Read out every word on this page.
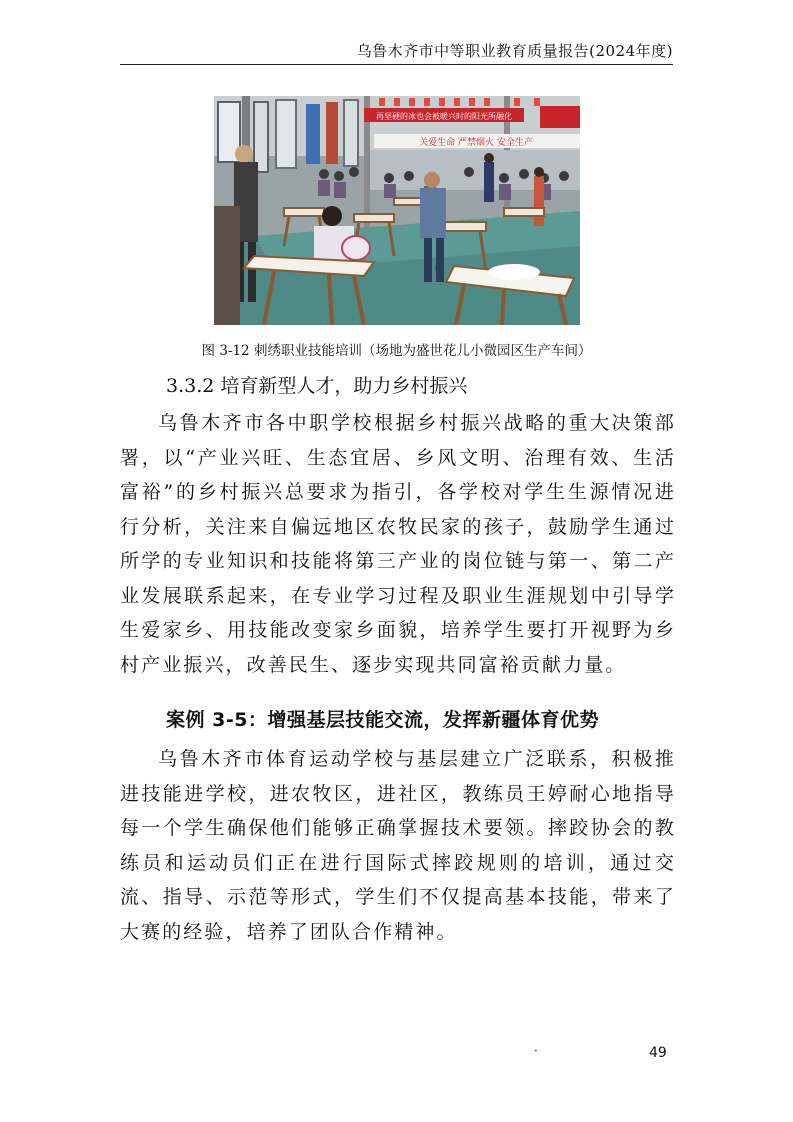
乌鲁木齐市中等职业教育质量报告(2024年度)
再坚硬的冰也会被暖兴时的阳光所融化
关爱生命 严禁烟火 安全生产
图 3-12 刺绣职业技能培训（场地为盛世花儿小微园区生产车间）
3.3.2 培育新型人才，助力乡村振兴

乌鲁木齐市各中职学校根据乡村振兴战略的重大决策部署，以“产业兴旺、生态宜居、乡风文明、治理有效、生活富裕”的乡村振兴总要求为指引，各学校对学生生源情况进行分析，关注来自偏远地区农牧民家的孩子，鼓励学生通过所学的专业知识和技能将第三产业的岗位链与第一、第二产业发展联系起来，在专业学习过程及职业生涯规划中引导学生爱家乡、用技能改变家乡面貌，培养学生要打开视野为乡村产业振兴，改善民生、逐步实现共同富裕贡献力量。

案例 3-5：增强基层技能交流，发挥新疆体育优势

乌鲁木齐市体育运动学校与基层建立广泛联系，积极推进技能进学校，进农牧区，进社区，教练员王婷耐心地指导每一个学生确保他们能够正确掌握技术要领。摔跤协会的教练员和运动员们正在进行国际式摔跤规则的培训，通过交流、指导、示范等形式，学生们不仅提高基本技能，带来了大赛的经验，培养了团队合作精神。

·	49
